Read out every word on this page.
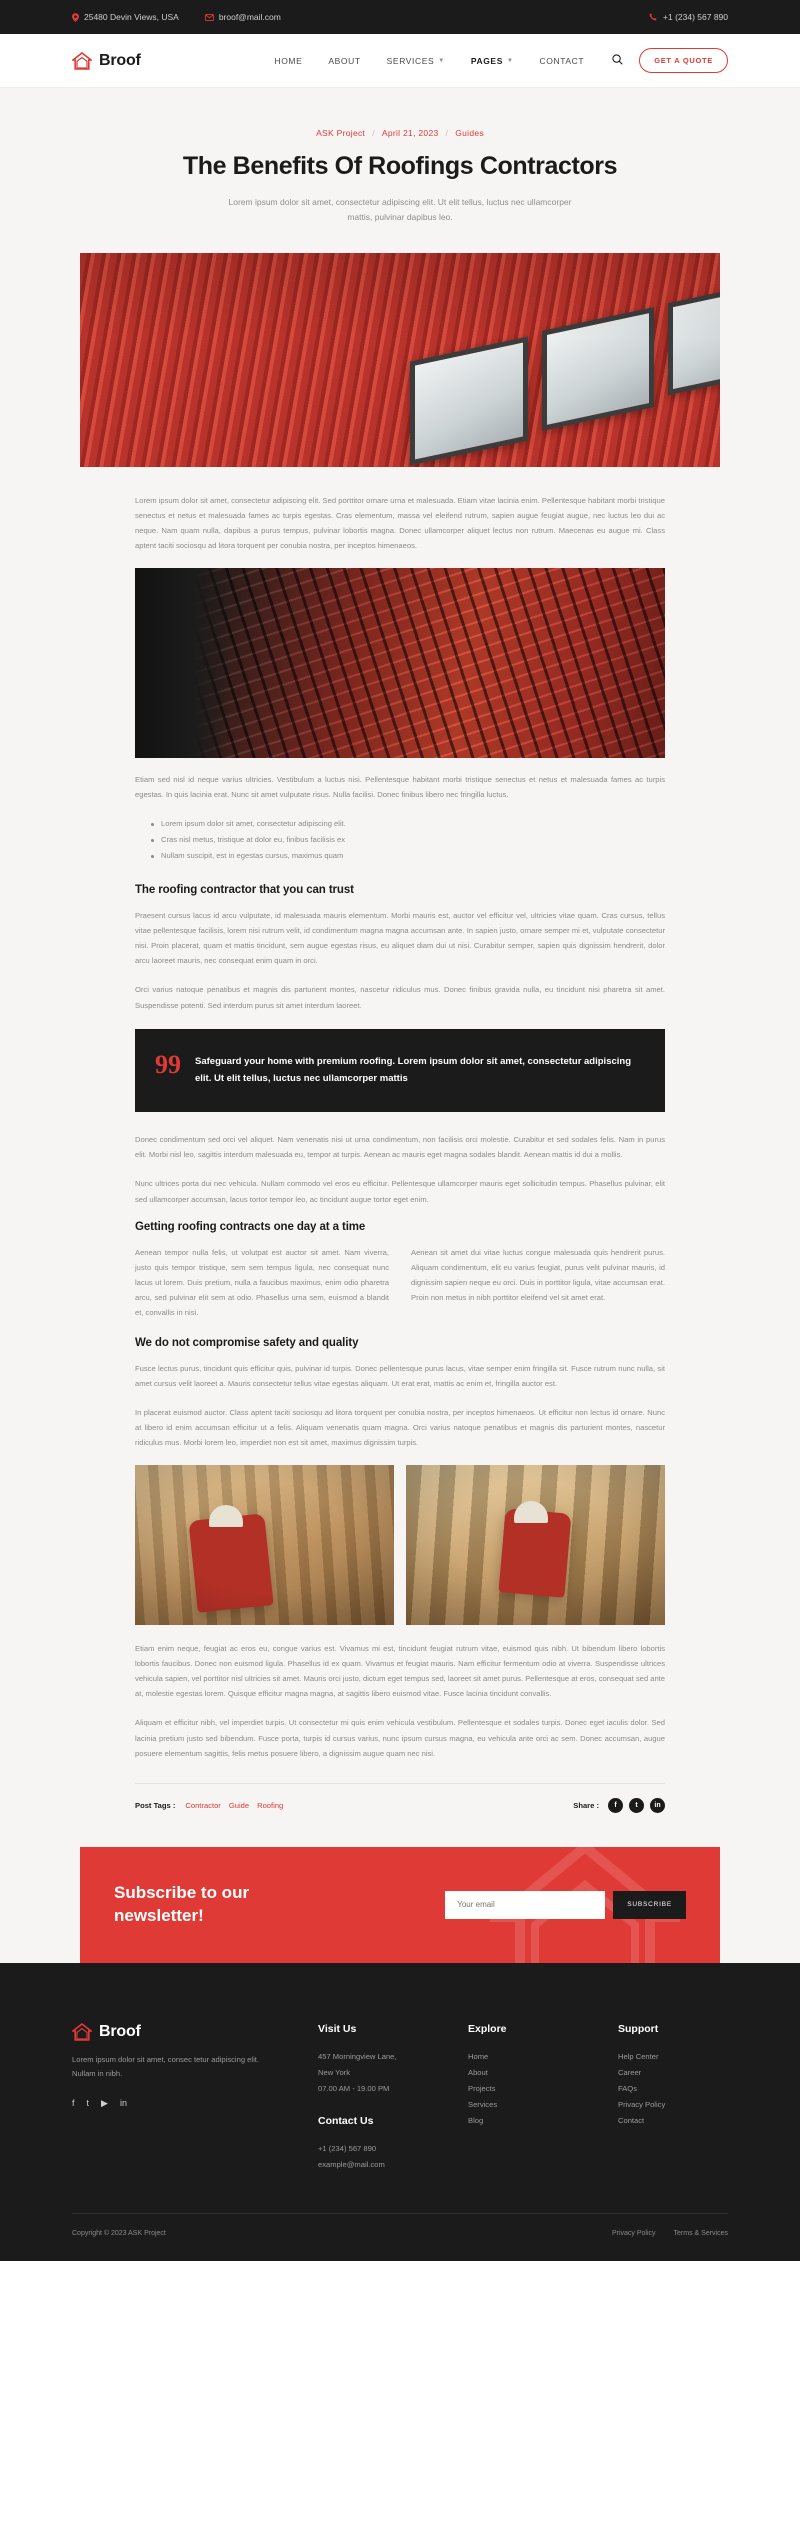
25480 Devin Views, USA	broof@mail.com	+1 (234) 567 890
Broof	HOME	ABOUT	SERVICES ▼	PAGES ▼	CONTACT	GET A QUOTE
ASK Project / April 21, 2023 / Guides
The Benefits Of Roofings Contractors
Lorem ipsum dolor sit amet, consectetur adipiscing elit. Ut elit tellus, luctus nec ullamcorper mattis, pulvinar dapibus leo.

Lorem ipsum dolor sit amet, consectetur adipiscing elit. Sed porttitor ornare urna et malesuada. Etiam vitae lacinia enim. Pellentesque habitant morbi tristique senectus et netus et malesuada fames ac turpis egestas. Cras elementum, massa vel eleifend rutrum, sapien augue feugiat augue, nec luctus leo dui ac neque. Nam quam nulla, dapibus a purus tempus, pulvinar lobortis magna. Donec ullamcorper aliquet lectus non rutrum. Maecenas eu augue mi. Class aptent taciti sociosqu ad litora torquent per conubia nostra, per inceptos himenaeos.

Etiam sed nisl id neque varius ultricies. Vestibulum a luctus nisi. Pellentesque habitant morbi tristique senectus et netus et malesuada fames ac turpis egestas. In quis lacinia erat. Nunc sit amet vulputate risus. Nulla facilisi. Donec finibus libero nec fringilla luctus.

Lorem ipsum dolor sit amet, consectetur adipiscing elit.
Cras nisl metus, tristique at dolor eu, finibus facilisis ex
Nullam suscipit, est in egestas cursus, maximus quam
The roofing contractor that you can trust

Praesent cursus lacus id arcu vulputate, id malesuada mauris elementum. Morbi mauris est, auctor vel efficitur vel, ultricies vitae quam. Cras cursus, tellus vitae pellentesque facilisis, lorem nisi rutrum velit, id condimentum magna magna accumsan ante. In sapien justo, ornare semper mi et, vulputate consectetur nisi. Proin placerat, quam et mattis tincidunt, sem augue egestas risus, eu aliquet diam dui ut nisi. Curabitur semper, sapien quis dignissim hendrerit, dolor arcu laoreet mauris, nec consequat enim quam in orci.

Orci varius natoque penatibus et magnis dis parturient montes, nascetur ridiculus mus. Donec finibus gravida nulla, eu tincidunt nisi pharetra sit amet. Suspendisse potenti. Sed interdum purus sit amet interdum laoreet.

99 Safeguard your home with premium roofing. Lorem ipsum dolor sit amet, consectetur adipiscing elit. Ut elit tellus, luctus nec ullamcorper mattis

Donec condimentum sed orci vel aliquet. Nam venenatis nisi ut urna condimentum, non facilisis orci molestie. Curabitur et sed sodales felis. Nam in purus elit. Morbi nisl leo, sagittis interdum malesuada eu, tempor at turpis. Aenean ac mauris eget magna sodales blandit. Aenean mattis id dui a mollis.

Nunc ultrices porta dui nec vehicula. Nullam commodo vel eros eu efficitur. Pellentesque ullamcorper mauris eget sollicitudin tempus. Phasellus pulvinar, elit sed ullamcorper accumsan, lacus tortor tempor leo, ac tincidunt augue tortor eget enim.

Getting roofing contracts one day at a time

Aenean tempor nulla felis, ut volutpat est auctor sit amet. Nam viverra, justo quis tempor tristique, sem sem tempus ligula, nec consequat nunc lacus ut lorem. Duis pretium, nulla a faucibus maximus, enim odio pharetra arcu, sed pulvinar elit sem at odio. Phasellus urna sem, euismod a blandit et, convallis in nisi.

Aenean sit amet dui vitae luctus congue malesuada quis hendrerit purus. Aliquam condimentum, elit eu varius feugiat, purus velit pulvinar mauris, id dignissim sapien neque eu orci. Duis in porttitor ligula, vitae accumsan erat. Proin non metus in nibh porttitor eleifend vel sit amet erat.

We do not compromise safety and quality

Fusce lectus purus, tincidunt quis efficitur quis, pulvinar id turpis. Donec pellentesque purus lacus, vitae semper enim fringilla sit. Fusce rutrum nunc nulla, sit amet cursus velit laoreet a. Mauris consectetur tellus vitae egestas aliquam. Ut erat erat, mattis ac enim et, fringilla auctor est.

In placerat euismod auctor. Class aptent taciti sociosqu ad litora torquent per conubia nostra, per inceptos himenaeos. Ut efficitur non lectus id ornare. Nunc at libero id enim accumsan efficitur ut a felis. Aliquam venenatis quam magna. Orci varius natoque penatibus et magnis dis parturient montes, nascetur ridiculus mus. Morbi lorem leo, imperdiet non est sit amet, maximus dignissim turpis.

Etiam enim neque, feugiat ac eros eu, congue varius est. Vivamus mi est, tincidunt feugiat rutrum vitae, euismod quis nibh. Ut bibendum libero lobortis lobortis faucibus. Donec non euismod ligula. Phasellus id ex quam. Vivamus et feugiat mauris. Nam efficitur fermentum odio at viverra. Suspendisse ultrices vehicula sapien, vel porttitor nisl ultricies sit amet. Mauris orci justo, dictum eget tempus sed, laoreet sit amet purus. Pellentesque at eros, consequat sed ante at, molestie egestas lorem. Quisque efficitur magna magna, at sagittis libero euismod vitae. Fusce lacinia tincidunt convallis.

Aliquam et efficitur nibh, vel imperdiet turpis. Ut consectetur mi quis enim vehicula vestibulum. Pellentesque et sodales turpis. Donec eget iaculis dolor. Sed lacinia pretium justo sed bibendum. Fusce porta, turpis id cursus varius, nunc ipsum cursus magna, eu vehicula ante orci ac sem. Donec accumsan, augue posuere elementum sagittis, felis metus posuere libero, a dignissim augue quam nec nisi.

Post Tags : Contractor Guide Roofing	Share :	f	t	in
Subscribe to our newsletter!
Your email
SUBSCRIBE
Broof
Lorem ipsum dolor sit amet, consec tetur adipiscing elit. Nullam in nibh.
f t ▶ in
Visit Us
457 Morningview Lane,
New York
07.00 AM - 19.00 PM
Contact Us
+1 (234) 567 890
example@mail.com
Explore
Home
About
Projects
Services
Blog
Support
Help Center
Career
FAQs
Privacy Policy
Contact
Copyright © 2023 ASK Project	Privacy Policy	Terms & Services
